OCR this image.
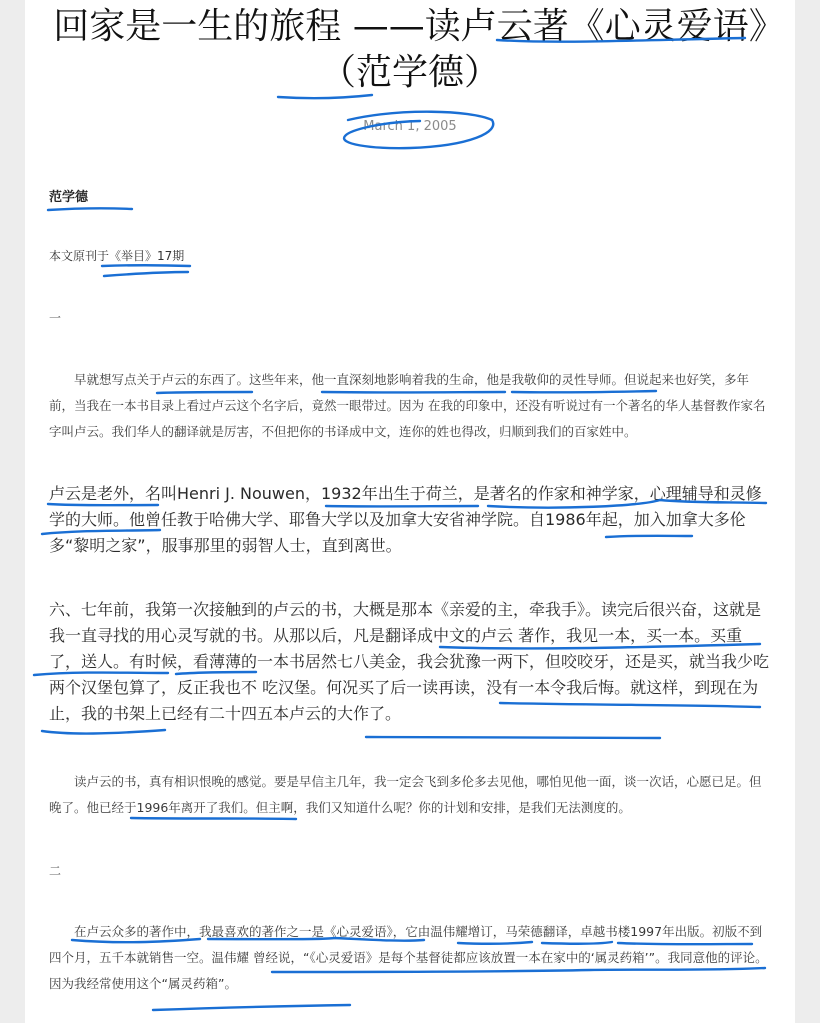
回家是一生的旅程 ——读卢云著《心灵爱语》（范学德）
March 1, 2005
范学德
本文原刊于《举目》17期
一

早就想写点关于卢云的东西了。这些年来，他一直深刻地影响着我的生命，他是我敬仰的灵性导师。但说起来也好笑，多年前，当我在一本书目录上看过卢云这个名字后，竟然一眼带过。因为 在我的印象中，还没有听说过有一个著名的华人基督教作家名字叫卢云。我们华人的翻译就是厉害，不但把你的书译成中文，连你的姓也得改，归顺到我们的百家姓中。

卢云是老外，名叫Henri J. Nouwen，1932年出生于荷兰，是著名的作家和神学家，心理辅导和灵修学的大师。他曾任教于哈佛大学、耶鲁大学以及加拿大安省神学院。自1986年起，加入加拿大多伦多“黎明之家”，服事那里的弱智人士，直到离世。

六、七年前，我第一次接触到的卢云的书，大概是那本《亲爱的主，牵我手》。读完后很兴奋，这就是我一直寻找的用心灵写就的书。从那以后，凡是翻译成中文的卢云 著作，我见一本，买一本。买重了，送人。有时候，看薄薄的一本书居然七八美金，我会犹豫一两下，但咬咬牙，还是买，就当我少吃两个汉堡包算了，反正我也不 吃汉堡。何况买了后一读再读，没有一本令我后悔。就这样，到现在为止，我的书架上已经有二十四五本卢云的大作了。

读卢云的书，真有相识恨晚的感觉。要是早信主几年，我一定会飞到多伦多去见他，哪怕见他一面，谈一次话，心愿已足。但晚了。他已经于1996年离开了我们。但主啊，我们又知道什么呢？你的计划和安排，是我们无法测度的。

二

在卢云众多的著作中，我最喜欢的著作之一是《心灵爱语》，它由温伟耀增订，马荣德翻译，卓越书楼1997年出版。初版不到四个月，五千本就销售一空。温伟耀 曾经说，“《心灵爱语》是每个基督徒都应该放置一本在家中的‘属灵药箱’”。我同意他的评论。因为我经常使用这个“属灵药箱”。
